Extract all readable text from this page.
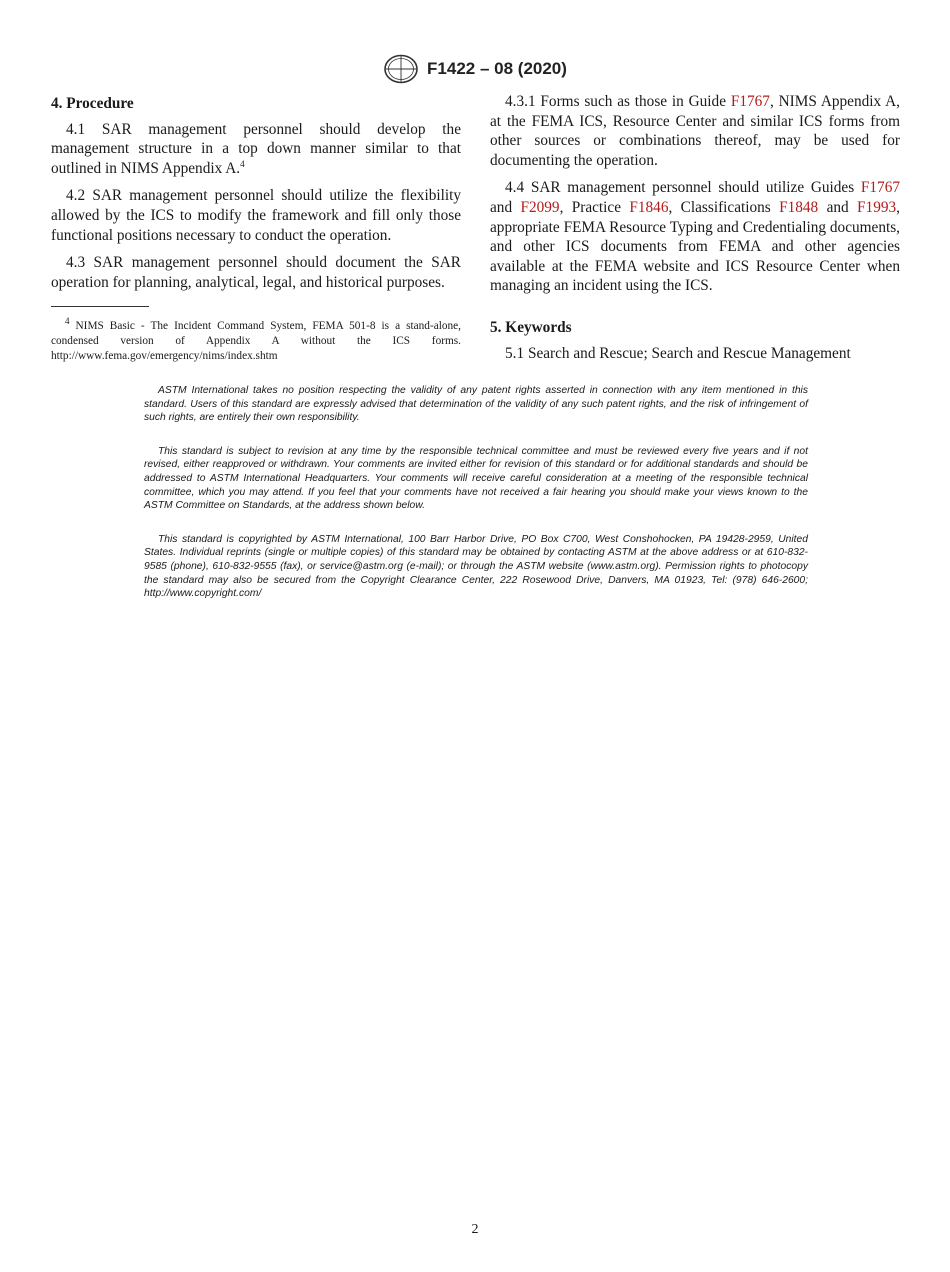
F1422 – 08 (2020)
4. Procedure

4.1 SAR management personnel should develop the management structure in a top down manner similar to that outlined in NIMS Appendix A.$^4$

4.2 SAR management personnel should utilize the flexibility allowed by the ICS to modify the framework and fill only those functional positions necessary to conduct the operation.

4.3 SAR management personnel should document the SAR operation for planning, analytical, legal, and historical purposes.

$^4$ NIMS Basic - The Incident Command System, FEMA 501-8 is a stand-alone, condensed version of Appendix A without the ICS forms. http://www.fema.gov/emergency/nims/index.shtm

4.3.1 Forms such as those in Guide F1767, NIMS Appendix A, at the FEMA ICS, Resource Center and similar ICS forms from other sources or combinations thereof, may be used for documenting the operation.

4.4 SAR management personnel should utilize Guides F1767 and F2099, Practice F1846, Classifications F1848 and F1993, appropriate FEMA Resource Typing and Credentialing documents, and other ICS documents from FEMA and other agencies available at the FEMA website and ICS Resource Center when managing an incident using the ICS.

5. Keywords

5.1 Search and Rescue; Search and Rescue Management

ASTM International takes no position respecting the validity of any patent rights asserted in connection with any item mentioned in this standard. Users of this standard are expressly advised that determination of the validity of any such patent rights, and the risk of infringement of such rights, are entirely their own responsibility.

This standard is subject to revision at any time by the responsible technical committee and must be reviewed every five years and if not revised, either reapproved or withdrawn. Your comments are invited either for revision of this standard or for additional standards and should be addressed to ASTM International Headquarters. Your comments will receive careful consideration at a meeting of the responsible technical committee, which you may attend. If you feel that your comments have not received a fair hearing you should make your views known to the ASTM Committee on Standards, at the address shown below.

This standard is copyrighted by ASTM International, 100 Barr Harbor Drive, PO Box C700, West Conshohocken, PA 19428-2959, United States. Individual reprints (single or multiple copies) of this standard may be obtained by contacting ASTM at the above address or at 610-832-9585 (phone), 610-832-9555 (fax), or service@astm.org (e-mail); or through the ASTM website (www.astm.org). Permission rights to photocopy the standard may also be secured from the Copyright Clearance Center, 222 Rosewood Drive, Danvers, MA 01923, Tel: (978) 646-2600; http://www.copyright.com/

2
